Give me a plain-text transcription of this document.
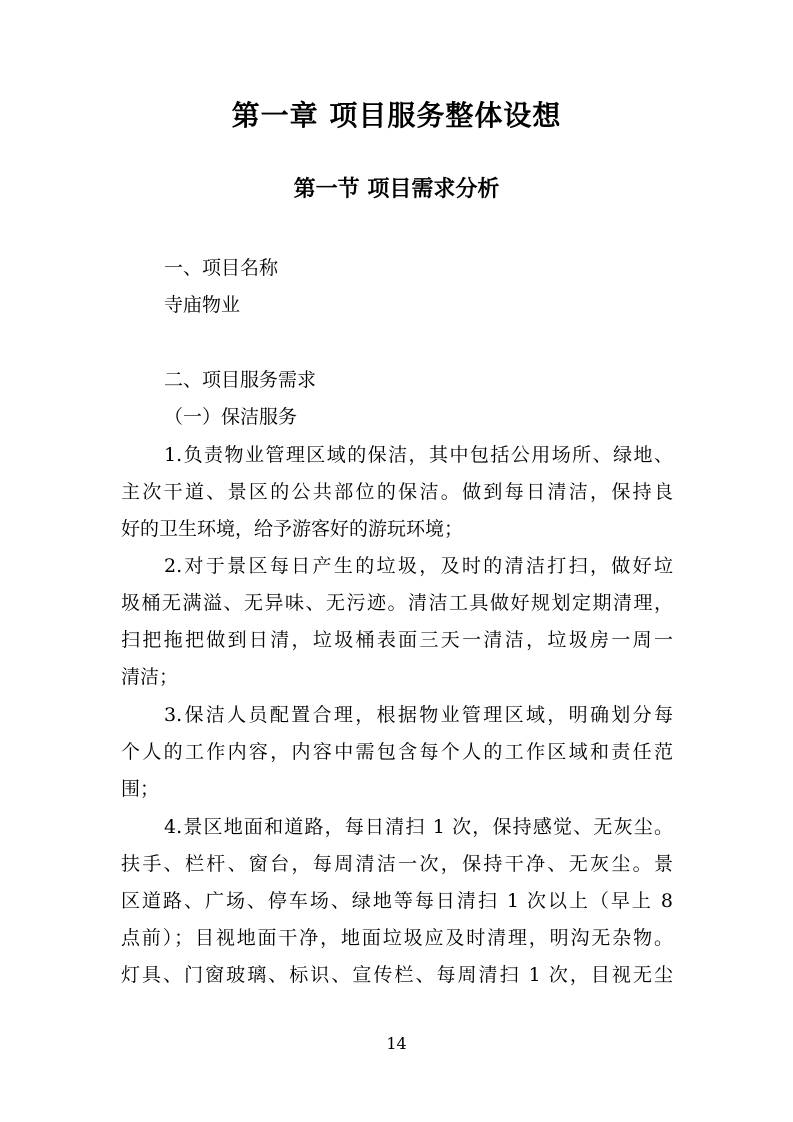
第一章 项目服务整体设想
第一节 项目需求分析
一、项目名称
寺庙物业
二、项目服务需求
（一）保洁服务
1.负责物业管理区域的保洁，其中包括公用场所、绿地、
主次干道、景区的公共部位的保洁。做到每日清洁，保持良
好的卫生环境，给予游客好的游玩环境；
2.对于景区每日产生的垃圾，及时的清洁打扫，做好垃
圾桶无满溢、无异味、无污迹。清洁工具做好规划定期清理，
扫把拖把做到日清，垃圾桶表面三天一清洁，垃圾房一周一
清洁；
3.保洁人员配置合理，根据物业管理区域，明确划分每
个人的工作内容，内容中需包含每个人的工作区域和责任范
围；
4.景区地面和道路，每日清扫 1 次，保持感觉、无灰尘。
扶手、栏杆、窗台，每周清洁一次，保持干净、无灰尘。景
区道路、广场、停车场、绿地等每日清扫 1 次以上（早上 8
点前）；目视地面干净，地面垃圾应及时清理，明沟无杂物。
灯具、门窗玻璃、标识、宣传栏、每周清扫 1 次，目视无尘
14
